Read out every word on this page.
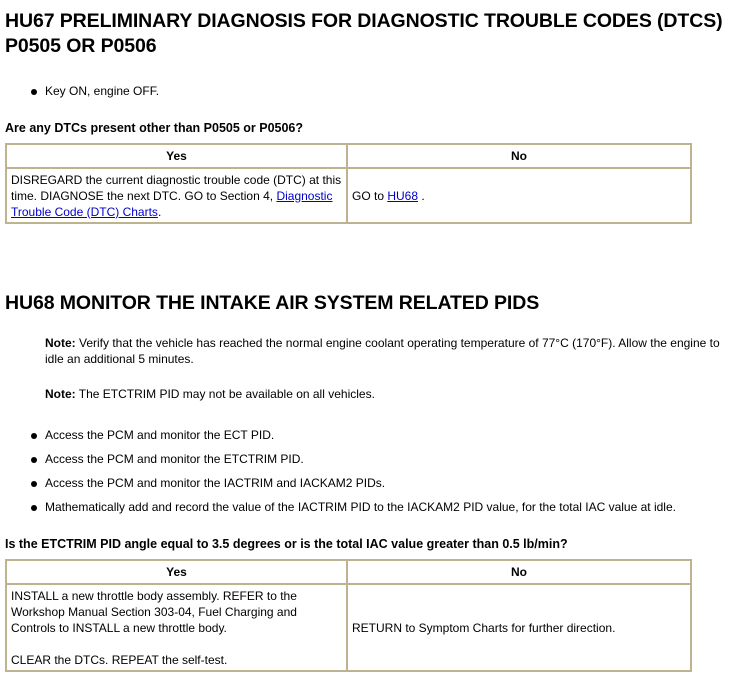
HU67 PRELIMINARY DIAGNOSIS FOR DIAGNOSTIC TROUBLE CODES (DTCS) P0505 OR P0506
Key ON, engine OFF.

Are any DTCs present other than P0505 or P0506?

Yes	No
DISREGARD the current diagnostic trouble code (DTC) at this time. DIAGNOSE the next DTC. GO to Section 4, Diagnostic Trouble Code (DTC) Charts.	GO to HU68 .
HU68 MONITOR THE INTAKE AIR SYSTEM RELATED PIDS

Note: Verify that the vehicle has reached the normal engine coolant operating temperature of 77°C (170°F). Allow the engine to idle an additional 5 minutes.

Note: The ETCTRIM PID may not be available on all vehicles.

Access the PCM and monitor the ECT PID.
Access the PCM and monitor the ETCTRIM PID.
Access the PCM and monitor the IACTRIM and IACKAM2 PIDs.
Mathematically add and record the value of the IACTRIM PID to the IACKAM2 PID value, for the total IAC value at idle.

Is the ETCTRIM PID angle equal to 3.5 degrees or is the total IAC value greater than 0.5 lb/min?

Yes	No

INSTALL a new throttle body assembly. REFER to the
Workshop Manual Section 303-04, Fuel Charging and
Controls to INSTALL a new throttle body.
CLEAR the DTCs. REPEAT the self-test.	RETURN to Symptom Charts for further direction.
